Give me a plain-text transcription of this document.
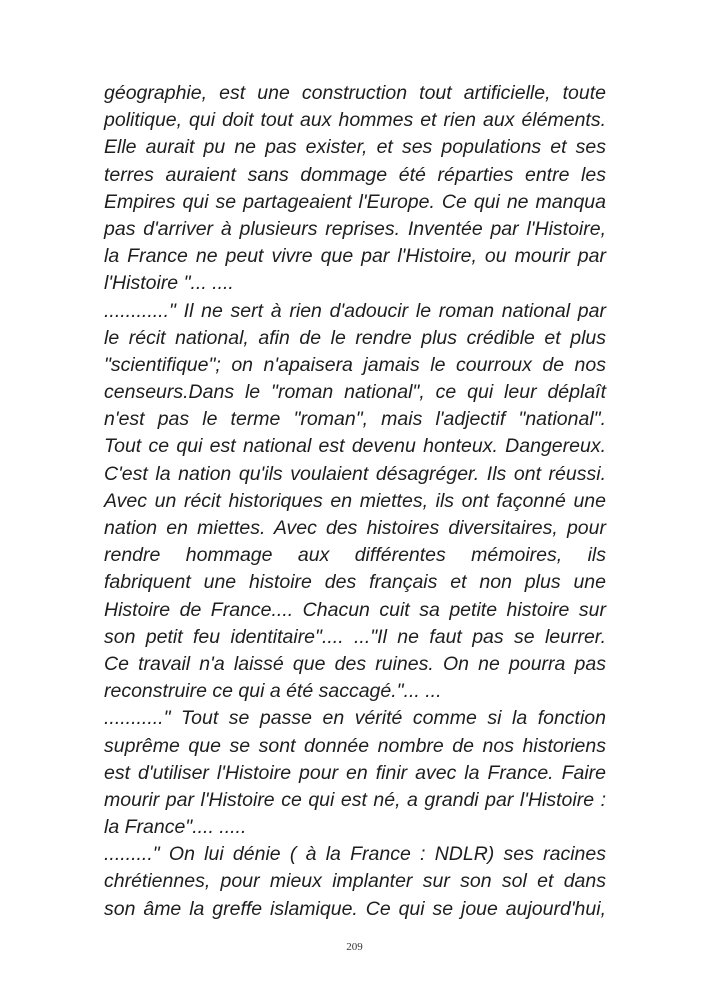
géographie, est une construction tout artificielle, toute
politique, qui doit tout aux hommes et rien aux éléments.
Elle aurait pu ne pas exister, et ses populations et ses
terres auraient sans dommage été réparties entre les
Empires qui se partageaient l'Europe. Ce qui ne manqua
pas d'arriver à plusieurs reprises. Inventée par l'Histoire,
la France ne peut vivre que par l'Histoire, ou mourir par
l'Histoire "... ....
............" Il ne sert à rien d'adoucir le roman national par
le récit national, afin de le rendre plus crédible et plus
"scientifique"; on n'apaisera jamais le courroux de nos
censeurs.Dans le "roman national", ce qui leur déplaît
n'est pas le terme "roman", mais l'adjectif "national".
Tout ce qui est national est devenu honteux. Dangereux.
C'est la nation qu'ils voulaient désagréger. Ils ont réussi.
Avec un récit historiques en miettes, ils ont façonné une
nation en miettes. Avec des histoires diversitaires, pour
rendre hommage aux différentes mémoires, ils
fabriquent une histoire des français et non plus une
Histoire de France.... Chacun cuit sa petite histoire sur
son petit feu identitaire".... ..."Il ne faut pas se leurrer.
Ce travail n'a laissé que des ruines. On ne pourra pas
reconstruire ce qui a été saccagé."... ...
..........." Tout se passe en vérité comme si la fonction
suprême que se sont donnée nombre de nos historiens
est d'utiliser l'Histoire pour en finir avec la France. Faire
mourir par l'Histoire ce qui est né, a grandi par l'Histoire :
la France".... .....
........." On lui dénie ( à la France : NDLR) ses racines
chrétiennes, pour mieux implanter sur son sol et dans
son âme la greffe islamique. Ce qui se joue aujourd'hui,
209
